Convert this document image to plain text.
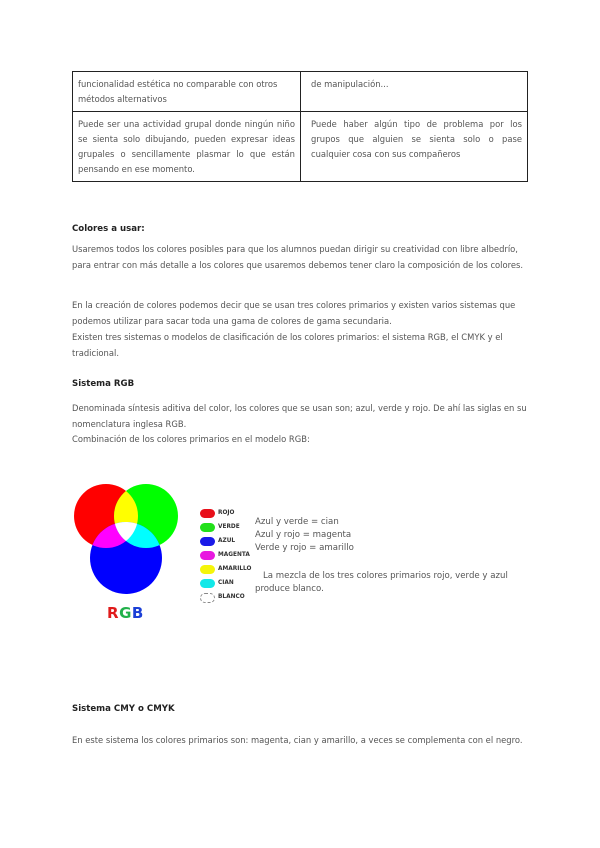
funcionalidad estética no comparable con otros métodos alternativos	de manipulación...
Puede ser una actividad grupal donde ningún niño se sienta solo dibujando, pueden expresar ideas grupales o sencillamente plasmar lo que están pensando en ese momento.	Puede haber algún tipo de problema por los grupos que alguien se sienta solo o pase cualquier cosa con sus compañeros
Colores a usar:

Usaremos todos los colores posibles para que los alumnos puedan dirigir su creatividad con libre albedrío, para entrar con más detalle a los colores que usaremos debemos tener claro la composición de los colores.

En la creación de colores podemos decir que se usan tres colores primarios y existen varios sistemas que podemos utilizar para sacar toda una gama de colores de gama secundaria.

Existen tres sistemas o modelos de clasificación de los colores primarios: el sistema RGB, el CMYK y el tradicional.

Sistema RGB

Denominada síntesis aditiva del color, los colores que se usan son; azul, verde y rojo. De ahí las siglas en su nomenclatura inglesa RGB.

Combinación de los colores primarios en el modelo RGB:

RGB
ROJO
VERDE
AZUL
MAGENTA
AMARILLO
CIAN
BLANCO

Azul y verde = cian

Azul y rojo = magenta

Verde y rojo = amarillo

La mezcla de los tres colores primarios rojo, verde y azul produce blanco.

Sistema CMY o CMYK

En este sistema los colores primarios son: magenta, cian y amarillo, a veces se complementa con el negro.
